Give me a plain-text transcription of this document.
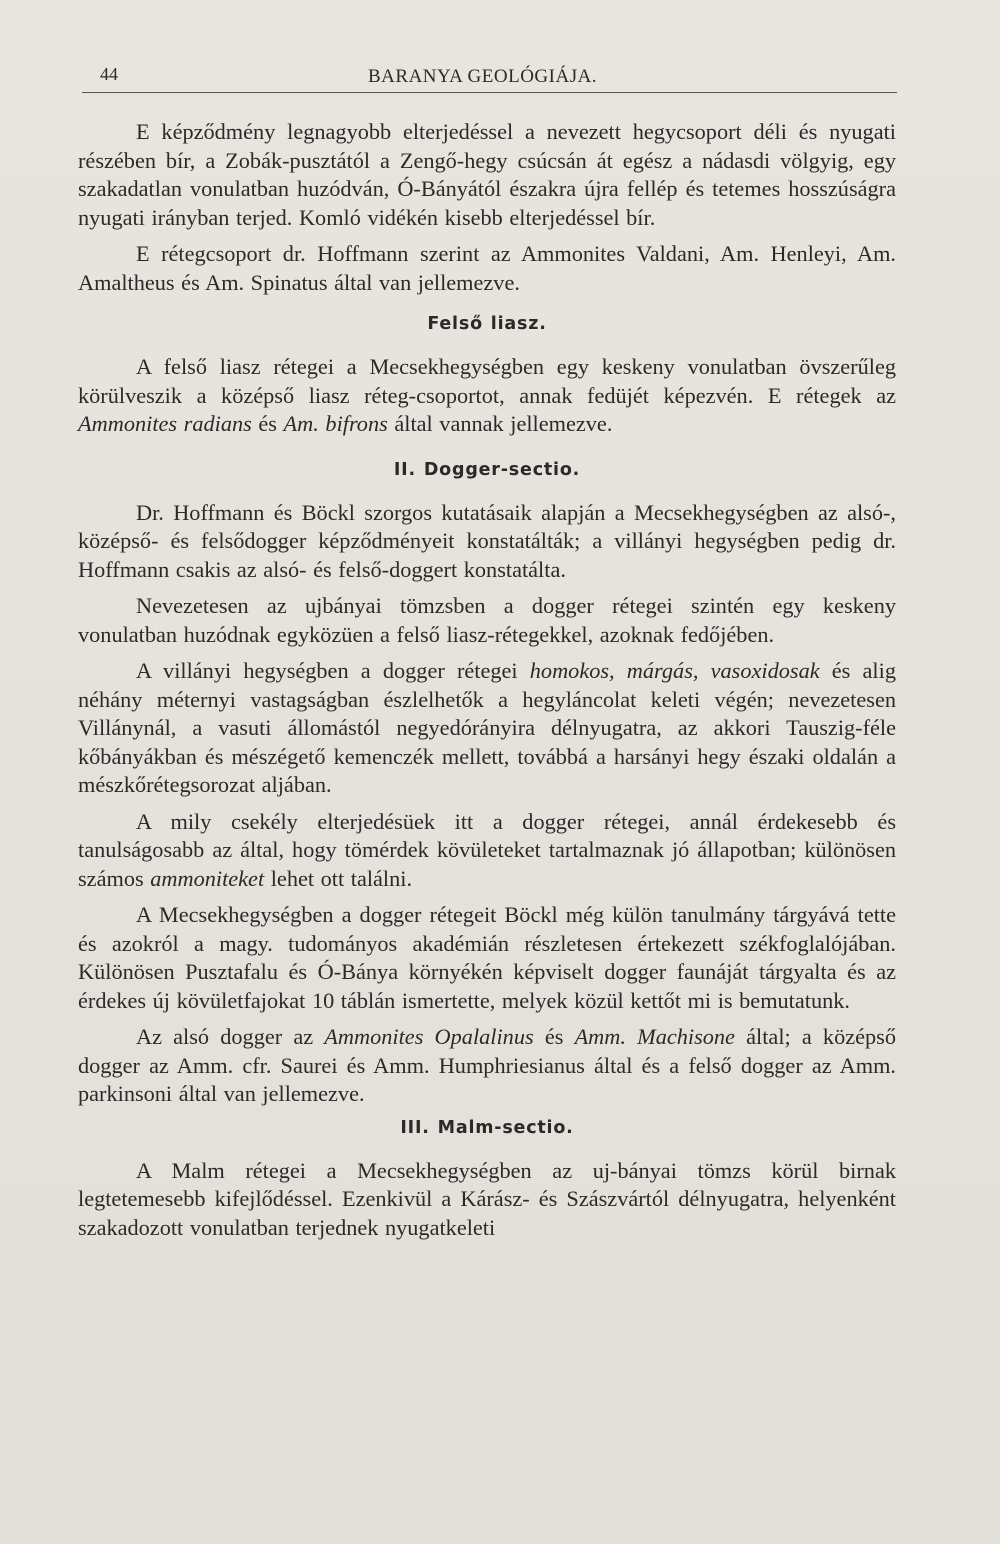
44	BARANYA GEOLÓGIÁJA.

E képződmény legnagyobb elterjedéssel a nevezett hegycsoport déli és nyugati részében bír, a Zobák-pusztától a Zengő-hegy csúcsán át egész a nádasdi völgyig, egy szakadatlan vonulatban huzódván, Ó-Bányától északra újra fellép és tetemes hosszúságra nyugati irányban terjed. Komló vidékén kisebb elterjedéssel bír.

E rétegcsoport dr. Hoffmann szerint az Ammonites Valdani, Am. Henleyi, Am. Amaltheus és Am. Spinatus által van jellemezve.

Felső liasz.

A felső liasz rétegei a Mecsekhegységben egy keskeny vonulatban övszerűleg körülveszik a középső liasz réteg-csoportot, annak fedüjét képezvén. E rétegek az Ammonites radians és Am. bifrons által vannak jellemezve.

II. Dogger-sectio.

Dr. Hoffmann és Böckl szorgos kutatásaik alapján a Mecsekhegységben az alsó-, középső- és felsődogger képződményeit konstatálták; a villányi hegységben pedig dr. Hoffmann csakis az alsó- és felső-doggert konstatálta.

Nevezetesen az ujbányai tömzsben a dogger rétegei szintén egy keskeny vonulatban huzódnak egyközüen a felső liasz-rétegekkel, azoknak fedőjében.

A villányi hegységben a dogger rétegei homokos, márgás, vasoxidosak és alig néhány méternyi vastagságban észlelhetők a hegyláncolat keleti végén; nevezetesen Villánynál, a vasuti állomástól negyedórányira délnyugatra, az akkori Tauszig-féle kőbányákban és mészégető kemenczék mellett, továbbá a harsányi hegy északi oldalán a mészkőrétegsorozat aljában.

A mily csekély elterjedésüek itt a dogger rétegei, annál érdekesebb és tanulságosabb az által, hogy tömérdek kövületeket tartalmaznak jó állapotban; különösen számos ammoniteket lehet ott találni.

A Mecsekhegységben a dogger rétegeit Böckl még külön tanulmány tárgyává tette és azokról a magy. tudományos akadémián részletesen értekezett székfoglalójában. Különösen Pusztafalu és Ó-Bánya környékén képviselt dogger faunáját tárgyalta és az érdekes új kövületfajokat 10 táblán ismertette, melyek közül kettőt mi is bemutatunk.

Az alsó dogger az Ammonites Opalalinus és Amm. Machisone által; a középső dogger az Amm. cfr. Saurei és Amm. Humphriesianus által és a felső dogger az Amm. parkinsoni által van jellemezve.

III. Malm-sectio.

A Malm rétegei a Mecsekhegységben az uj-bányai tömzs körül birnak legtetemesebb kifejlődéssel. Ezenkivül a Kárász- és Szászvártól délnyugatra, helyenként szakadozott vonulatban terjednek nyugatkeleti
